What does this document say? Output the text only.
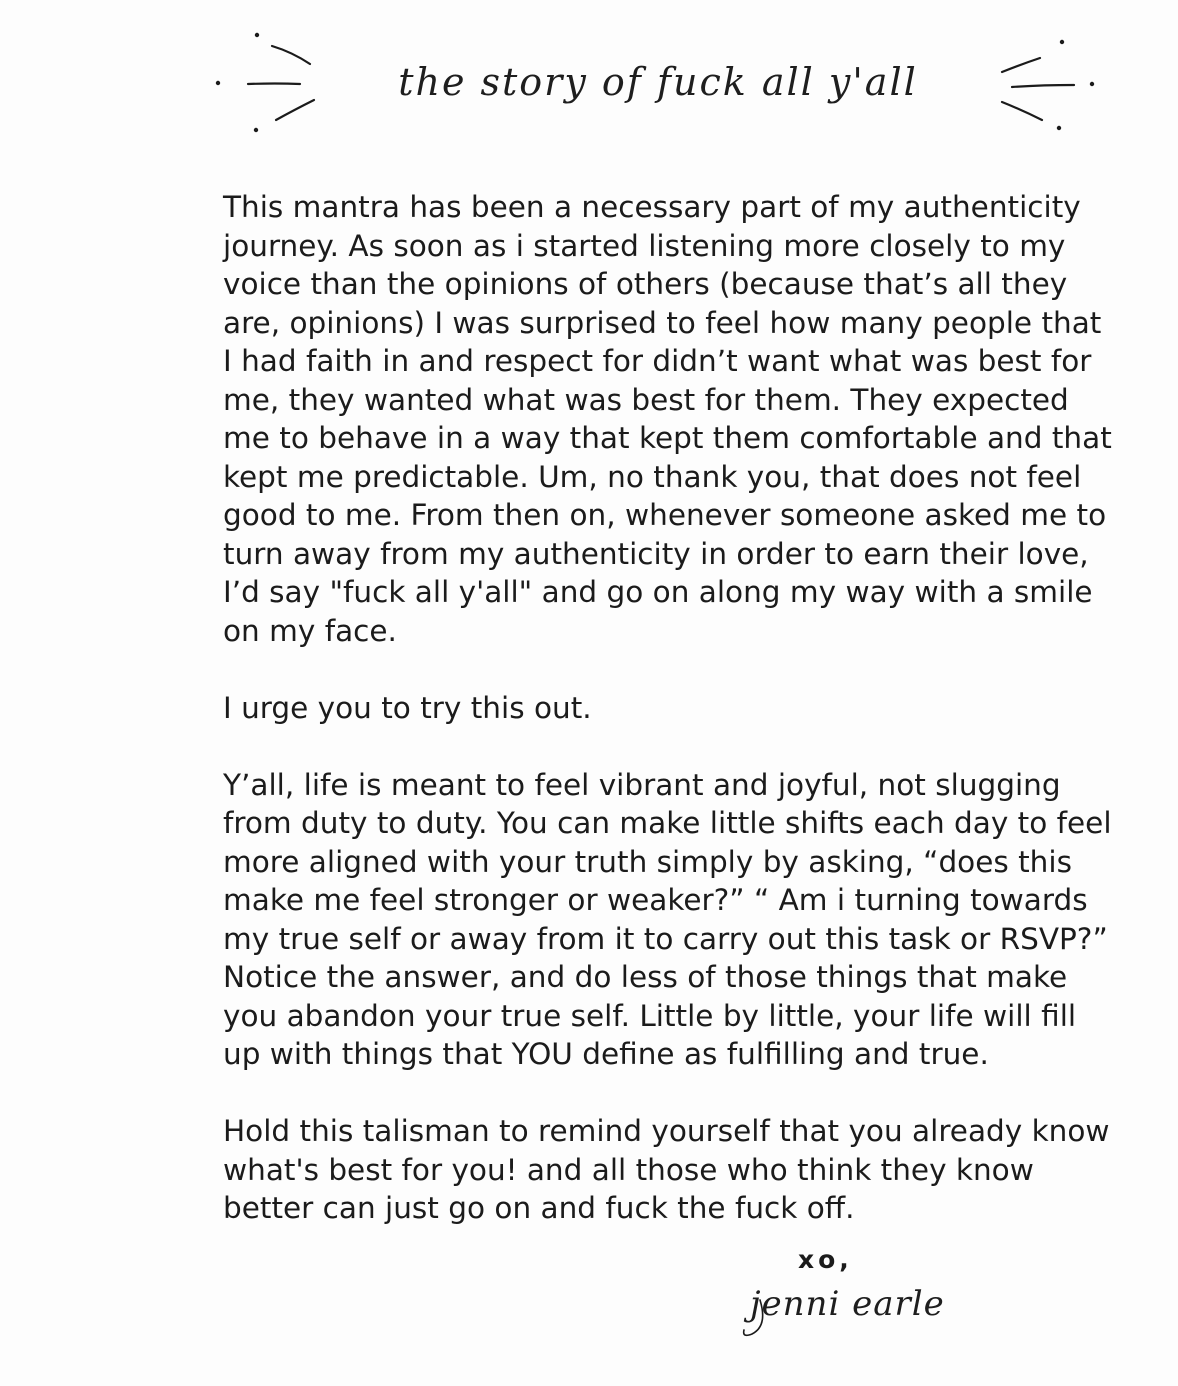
the story of fuck all y'all

This mantra has been a necessary part of my authenticity journey. As soon as i started listening more closely to my voice than the opinions of others (because that’s all they are, opinions) I was surprised to feel how many people that I had faith in and respect for didn’t want what was best for me, they wanted what was best for them. They expected me to behave in a way that kept them comfortable and that kept me predictable. Um, no thank you, that does not feel good to me. From then on, whenever someone asked me to turn away from my authenticity in order to earn their love, I’d say "fuck all y'all" and go on along my way with a smile on my face.

I urge you to try this out.

Y’all, life is meant to feel vibrant and joyful, not slugging from duty to duty. You can make little shifts each day to feel more aligned with your truth simply by asking, “does this make me feel stronger or weaker?” “ Am i turning towards my true self or away from it to carry out this task or RSVP?” Notice the answer, and do less of those things that make you abandon your true self. Little by little, your life will fill up with things that YOU define as fulfilling and true.

Hold this talisman to remind yourself that you already know what's best for you! and all those who think they know better can just go on and fuck the fuck off.

xo,
jenni earle
